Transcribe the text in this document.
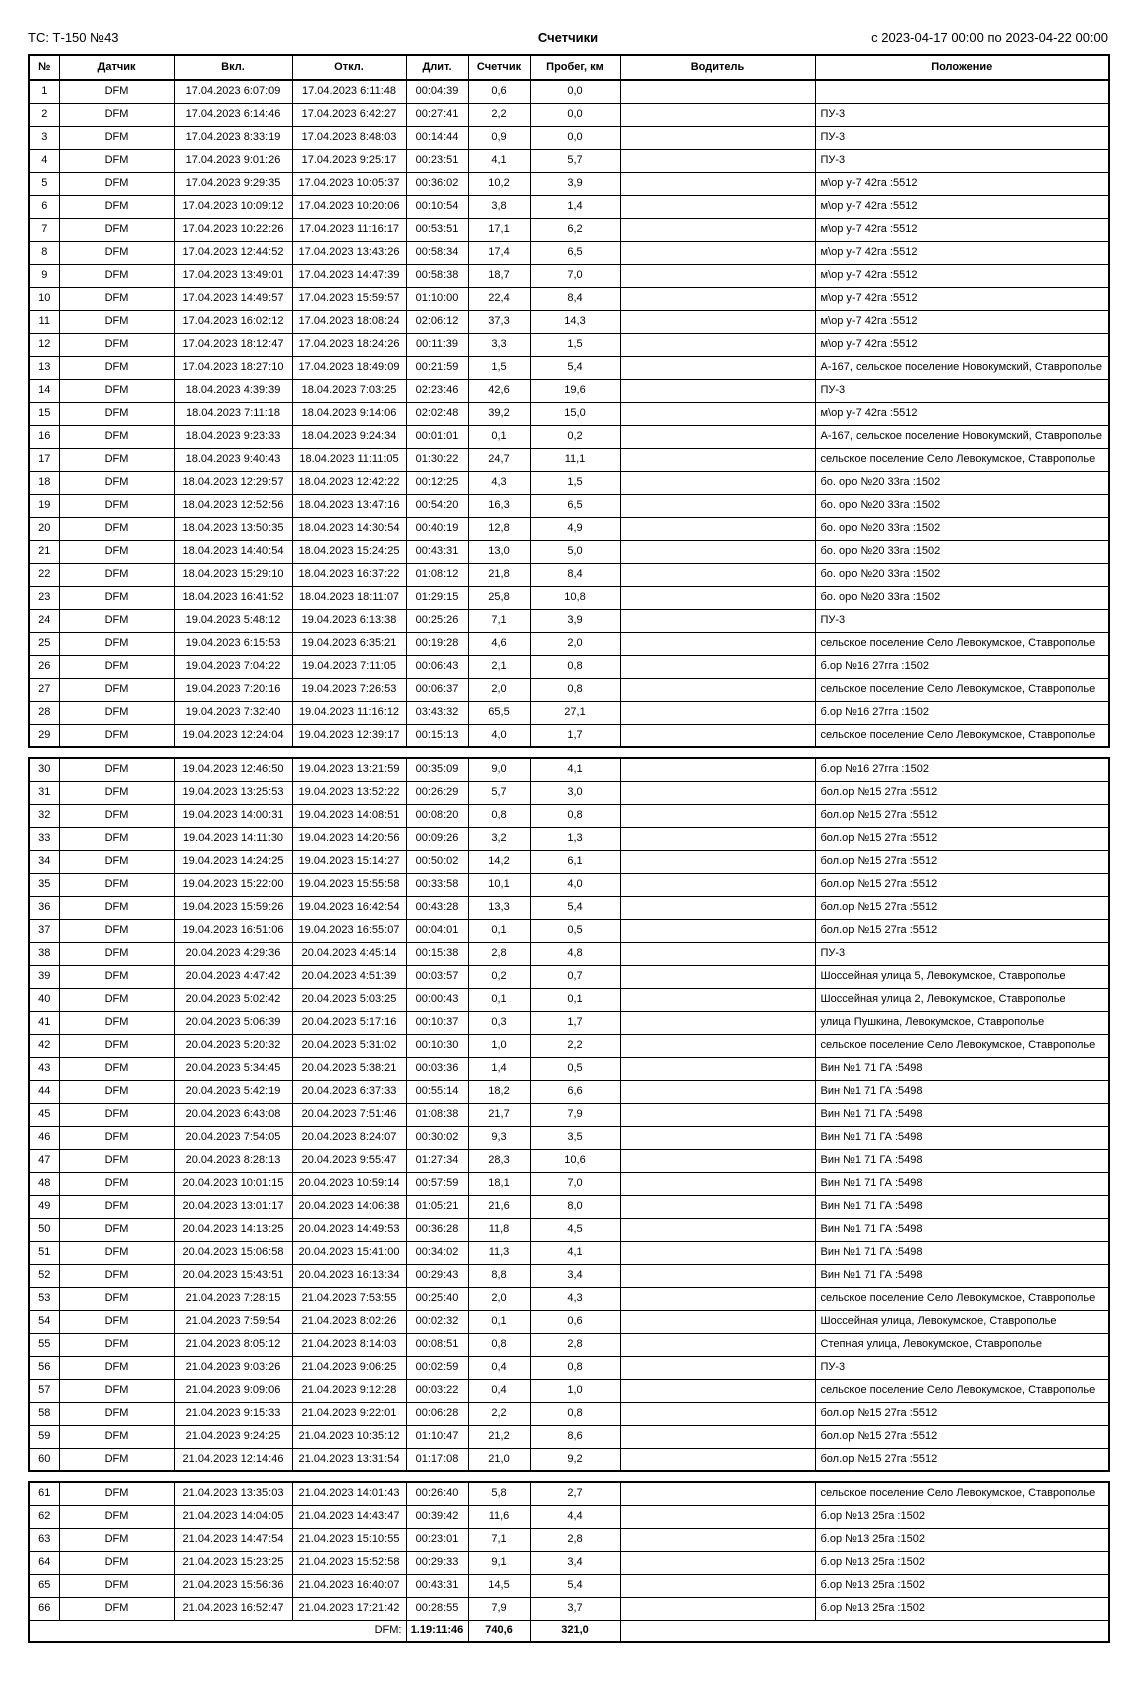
ТС: Т-150 №43	Счетчики	с 2023-04-17 00:00 по 2023-04-22 00:00
№	Датчик	Вкл.	Откл.	Длит.	Счетчик	Пробег, км	Водитель	Положение
1	DFM	17.04.2023 6:07:09	17.04.2023 6:11:48	00:04:39	0,6	0,0		
2	DFM	17.04.2023 6:14:46	17.04.2023 6:42:27	00:27:41	2,2	0,0		ПУ-3
3	DFM	17.04.2023 8:33:19	17.04.2023 8:48:03	00:14:44	0,9	0,0		ПУ-3
4	DFM	17.04.2023 9:01:26	17.04.2023 9:25:17	00:23:51	4,1	5,7		ПУ-3
5	DFM	17.04.2023 9:29:35	17.04.2023 10:05:37	00:36:02	10,2	3,9		м\ор у-7 42га :5512
6	DFM	17.04.2023 10:09:12	17.04.2023 10:20:06	00:10:54	3,8	1,4		м\ор у-7 42га :5512
7	DFM	17.04.2023 10:22:26	17.04.2023 11:16:17	00:53:51	17,1	6,2		м\ор у-7 42га :5512
8	DFM	17.04.2023 12:44:52	17.04.2023 13:43:26	00:58:34	17,4	6,5		м\ор у-7 42га :5512
9	DFM	17.04.2023 13:49:01	17.04.2023 14:47:39	00:58:38	18,7	7,0		м\ор у-7 42га :5512
10	DFM	17.04.2023 14:49:57	17.04.2023 15:59:57	01:10:00	22,4	8,4		м\ор у-7 42га :5512
11	DFM	17.04.2023 16:02:12	17.04.2023 18:08:24	02:06:12	37,3	14,3		м\ор у-7 42га :5512
12	DFM	17.04.2023 18:12:47	17.04.2023 18:24:26	00:11:39	3,3	1,5		м\ор у-7 42га :5512
13	DFM	17.04.2023 18:27:10	17.04.2023 18:49:09	00:21:59	1,5	5,4		А-167, сельское поселение Новокумский, Ставрополье
14	DFM	18.04.2023 4:39:39	18.04.2023 7:03:25	02:23:46	42,6	19,6		ПУ-3
15	DFM	18.04.2023 7:11:18	18.04.2023 9:14:06	02:02:48	39,2	15,0		м\ор у-7 42га :5512
16	DFM	18.04.2023 9:23:33	18.04.2023 9:24:34	00:01:01	0,1	0,2		А-167, сельское поселение Новокумский, Ставрополье
17	DFM	18.04.2023 9:40:43	18.04.2023 11:11:05	01:30:22	24,7	11,1		сельское поселение Село Левокумское, Ставрополье
18	DFM	18.04.2023 12:29:57	18.04.2023 12:42:22	00:12:25	4,3	1,5		бо. оро №20 33га :1502
19	DFM	18.04.2023 12:52:56	18.04.2023 13:47:16	00:54:20	16,3	6,5		бо. оро №20 33га :1502
20	DFM	18.04.2023 13:50:35	18.04.2023 14:30:54	00:40:19	12,8	4,9		бо. оро №20 33га :1502
21	DFM	18.04.2023 14:40:54	18.04.2023 15:24:25	00:43:31	13,0	5,0		бо. оро №20 33га :1502
22	DFM	18.04.2023 15:29:10	18.04.2023 16:37:22	01:08:12	21,8	8,4		бо. оро №20 33га :1502
23	DFM	18.04.2023 16:41:52	18.04.2023 18:11:07	01:29:15	25,8	10,8		бо. оро №20 33га :1502
24	DFM	19.04.2023 5:48:12	19.04.2023 6:13:38	00:25:26	7,1	3,9		ПУ-3
25	DFM	19.04.2023 6:15:53	19.04.2023 6:35:21	00:19:28	4,6	2,0		сельское поселение Село Левокумское, Ставрополье
26	DFM	19.04.2023 7:04:22	19.04.2023 7:11:05	00:06:43	2,1	0,8		б.ор №16 27гга :1502
27	DFM	19.04.2023 7:20:16	19.04.2023 7:26:53	00:06:37	2,0	0,8		сельское поселение Село Левокумское, Ставрополье
28	DFM	19.04.2023 7:32:40	19.04.2023 11:16:12	03:43:32	65,5	27,1		б.ор №16 27гга :1502
29	DFM	19.04.2023 12:24:04	19.04.2023 12:39:17	00:15:13	4,0	1,7		сельское поселение Село Левокумское, Ставрополье
30	DFM	19.04.2023 12:46:50	19.04.2023 13:21:59	00:35:09	9,0	4,1		б.ор №16 27гга :1502
31	DFM	19.04.2023 13:25:53	19.04.2023 13:52:22	00:26:29	5,7	3,0		бол.ор №15 27га :5512
32	DFM	19.04.2023 14:00:31	19.04.2023 14:08:51	00:08:20	0,8	0,8		бол.ор №15 27га :5512
33	DFM	19.04.2023 14:11:30	19.04.2023 14:20:56	00:09:26	3,2	1,3		бол.ор №15 27га :5512
34	DFM	19.04.2023 14:24:25	19.04.2023 15:14:27	00:50:02	14,2	6,1		бол.ор №15 27га :5512
35	DFM	19.04.2023 15:22:00	19.04.2023 15:55:58	00:33:58	10,1	4,0		бол.ор №15 27га :5512
36	DFM	19.04.2023 15:59:26	19.04.2023 16:42:54	00:43:28	13,3	5,4		бол.ор №15 27га :5512
37	DFM	19.04.2023 16:51:06	19.04.2023 16:55:07	00:04:01	0,1	0,5		бол.ор №15 27га :5512
38	DFM	20.04.2023 4:29:36	20.04.2023 4:45:14	00:15:38	2,8	4,8		ПУ-3
39	DFM	20.04.2023 4:47:42	20.04.2023 4:51:39	00:03:57	0,2	0,7		Шоссейная улица 5, Левокумское, Ставрополье
40	DFM	20.04.2023 5:02:42	20.04.2023 5:03:25	00:00:43	0,1	0,1		Шоссейная улица 2, Левокумское, Ставрополье
41	DFM	20.04.2023 5:06:39	20.04.2023 5:17:16	00:10:37	0,3	1,7		улица Пушкина, Левокумское, Ставрополье
42	DFM	20.04.2023 5:20:32	20.04.2023 5:31:02	00:10:30	1,0	2,2		сельское поселение Село Левокумское, Ставрополье
43	DFM	20.04.2023 5:34:45	20.04.2023 5:38:21	00:03:36	1,4	0,5		Вин №1 71 ГА :5498
44	DFM	20.04.2023 5:42:19	20.04.2023 6:37:33	00:55:14	18,2	6,6		Вин №1 71 ГА :5498
45	DFM	20.04.2023 6:43:08	20.04.2023 7:51:46	01:08:38	21,7	7,9		Вин №1 71 ГА :5498
46	DFM	20.04.2023 7:54:05	20.04.2023 8:24:07	00:30:02	9,3	3,5		Вин №1 71 ГА :5498
47	DFM	20.04.2023 8:28:13	20.04.2023 9:55:47	01:27:34	28,3	10,6		Вин №1 71 ГА :5498
48	DFM	20.04.2023 10:01:15	20.04.2023 10:59:14	00:57:59	18,1	7,0		Вин №1 71 ГА :5498
49	DFM	20.04.2023 13:01:17	20.04.2023 14:06:38	01:05:21	21,6	8,0		Вин №1 71 ГА :5498
50	DFM	20.04.2023 14:13:25	20.04.2023 14:49:53	00:36:28	11,8	4,5		Вин №1 71 ГА :5498
51	DFM	20.04.2023 15:06:58	20.04.2023 15:41:00	00:34:02	11,3	4,1		Вин №1 71 ГА :5498
52	DFM	20.04.2023 15:43:51	20.04.2023 16:13:34	00:29:43	8,8	3,4		Вин №1 71 ГА :5498
53	DFM	21.04.2023 7:28:15	21.04.2023 7:53:55	00:25:40	2,0	4,3		сельское поселение Село Левокумское, Ставрополье
54	DFM	21.04.2023 7:59:54	21.04.2023 8:02:26	00:02:32	0,1	0,6		Шоссейная улица, Левокумское, Ставрополье
55	DFM	21.04.2023 8:05:12	21.04.2023 8:14:03	00:08:51	0,8	2,8		Степная улица, Левокумское, Ставрополье
56	DFM	21.04.2023 9:03:26	21.04.2023 9:06:25	00:02:59	0,4	0,8		ПУ-3
57	DFM	21.04.2023 9:09:06	21.04.2023 9:12:28	00:03:22	0,4	1,0		сельское поселение Село Левокумское, Ставрополье
58	DFM	21.04.2023 9:15:33	21.04.2023 9:22:01	00:06:28	2,2	0,8		бол.ор №15 27га :5512
59	DFM	21.04.2023 9:24:25	21.04.2023 10:35:12	01:10:47	21,2	8,6		бол.ор №15 27га :5512
60	DFM	21.04.2023 12:14:46	21.04.2023 13:31:54	01:17:08	21,0	9,2		бол.ор №15 27га :5512
61	DFM	21.04.2023 13:35:03	21.04.2023 14:01:43	00:26:40	5,8	2,7		сельское поселение Село Левокумское, Ставрополье
62	DFM	21.04.2023 14:04:05	21.04.2023 14:43:47	00:39:42	11,6	4,4		б.ор №13 25га :1502
63	DFM	21.04.2023 14:47:54	21.04.2023 15:10:55	00:23:01	7,1	2,8		б.ор №13 25га :1502
64	DFM	21.04.2023 15:23:25	21.04.2023 15:52:58	00:29:33	9,1	3,4		б.ор №13 25га :1502
65	DFM	21.04.2023 15:56:36	21.04.2023 16:40:07	00:43:31	14,5	5,4		б.ор №13 25га :1502
66	DFM	21.04.2023 16:52:47	21.04.2023 17:21:42	00:28:55	7,9	3,7		б.ор №13 25га :1502
DFM:				1.19:11:46	740,6	321,0		
